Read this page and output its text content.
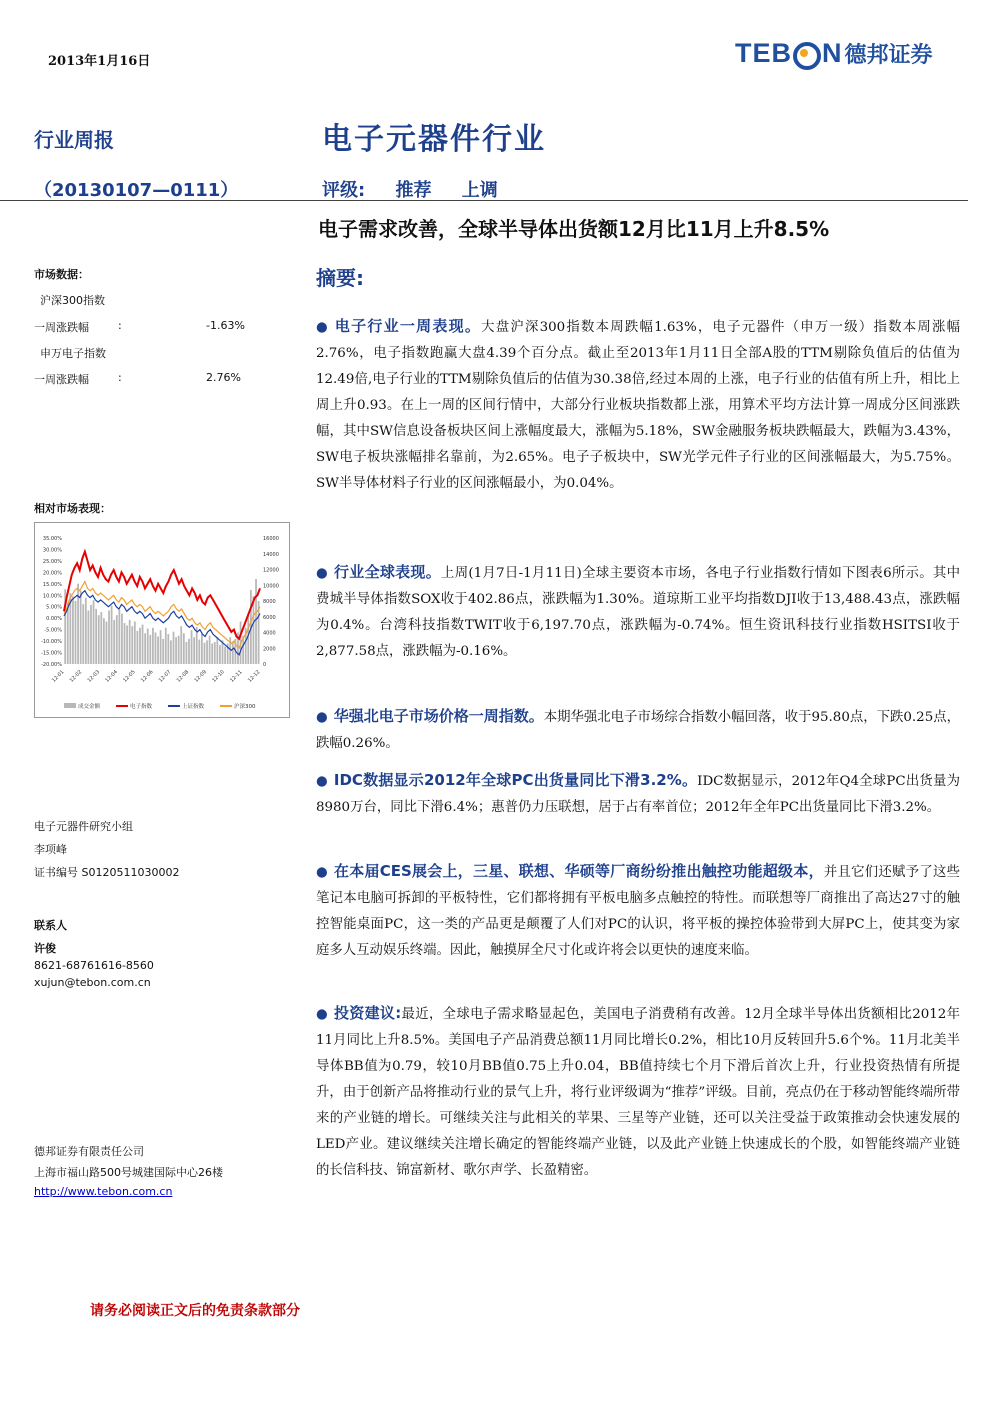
2013年1月16日	TEB N 德邦证券
行业周报	电子元器件行业
（20130107—0111）	评级: 推荐 上调
电子需求改善，全球半导体出货额12月比11月上升8.5%
摘要:
市场数据：
沪深300指数
一周涨跌幅	:	-1.63%
申万电子指数
一周涨跌幅	:	2.76%
相对市场表现：
35.00%
30.00%
25.00%
20.00%
15.00%
10.00%
5.00%
0.00%
-5.00%
-10.00%
-15.00%
-20.00%
16000
14000
12000
10000
8000
6000
4000
2000
0
12-01 12-02 12-03 12-04 12-05 12-06 12-07 12-08 12-09 12-10 12-11 12-12
成交金额	电子指数	上证指数	沪深300
电子元器件研究小组
李项峰
证书编号 S0120511030002
联系人
许俊
8621-68761616-8560
xujun@tebon.com.cn
德邦证券有限责任公司
上海市福山路500号城建国际中心26楼
http://www.tebon.com.cn
● 电子行业一周表现。大盘沪深300指数本周跌幅1.63%，电子元器件（申万一级）指数本周涨幅2.76%，电子指数跑赢大盘4.39个百分点。截止至2013年1月11日全部A股的TTM剔除负值后的估值为12.49倍,电子行业的TTM剔除负值后的估值为30.38倍,经过本周的上涨，电子行业的估值有所上升，相比上周上升0.93。在上一周的区间行情中，大部分行业板块指数都上涨，用算术平均方法计算一周成分区间涨跌幅，其中SW信息设备板块区间上涨幅度最大，涨幅为5.18%，SW金融服务板块跌幅最大，跌幅为3.43%， SW电子板块涨幅排名靠前，为2.65%。电子子板块中，SW光学元件子行业的区间涨幅最大，为5.75%。SW半导体材料子行业的区间涨幅最小，为0.04%。
● 行业全球表现。上周(1月7日-1月11日)全球主要资本市场，各电子行业指数行情如下图表6所示。其中费城半导体指数SOX收于402.86点，涨跌幅为1.30%。道琼斯工业平均指数DJI收于13,488.43点，涨跌幅为0.4%。台湾科技指数TWIT收于6,197.70点，涨跌幅为-0.74%。恒生资讯科技行业指数HSITSI收于2,877.58点，涨跌幅为-0.16%。
● 华强北电子市场价格一周指数。本期华强北电子市场综合指数小幅回落，收于95.80点，下跌0.25点，跌幅0.26%。
● IDC数据显示2012年全球PC出货量同比下滑3.2%。IDC数据显示，2012年Q4全球PC出货量为8980万台，同比下滑6.4%；惠普仍力压联想，居于占有率首位；2012年全年PC出货量同比下滑3.2%。
● 在本届CES展会上，三星、联想、华硕等厂商纷纷推出触控功能超级本，并且它们还赋予了这些笔记本电脑可拆卸的平板特性，它们都将拥有平板电脑多点触控的特性。而联想等厂商推出了高达27寸的触控智能桌面PC，这一类的产品更是颠覆了人们对PC的认识，将平板的操控体验带到大屏PC上，使其变为家庭多人互动娱乐终端。因此，触摸屏全尺寸化或许将会以更快的速度来临。
● 投资建议:最近，全球电子需求略显起色，美国电子消费稍有改善。12月全球半导体出货额相比2012年11月同比上升8.5%。美国电子产品消费总额11月同比增长0.2%，相比10月反转回升5.6个%。11月北美半导体BB值为0.79，较10月BB值0.75上升0.04，BB值持续七个月下滑后首次上升，行业投资热情有所提升，由于创新产品将推动行业的景气上升，将行业评级调为“推荐”评级。目前，亮点仍在于移动智能终端所带来的产业链的增长。可继续关注与此相关的苹果、三星等产业链，还可以关注受益于政策推动会快速发展的LED产业。建议继续关注增长确定的智能终端产业链，以及此产业链上快速成长的个股，如智能终端产业链的长信科技、锦富新材、歌尔声学、长盈精密。
请务必阅读正文后的免责条款部分
